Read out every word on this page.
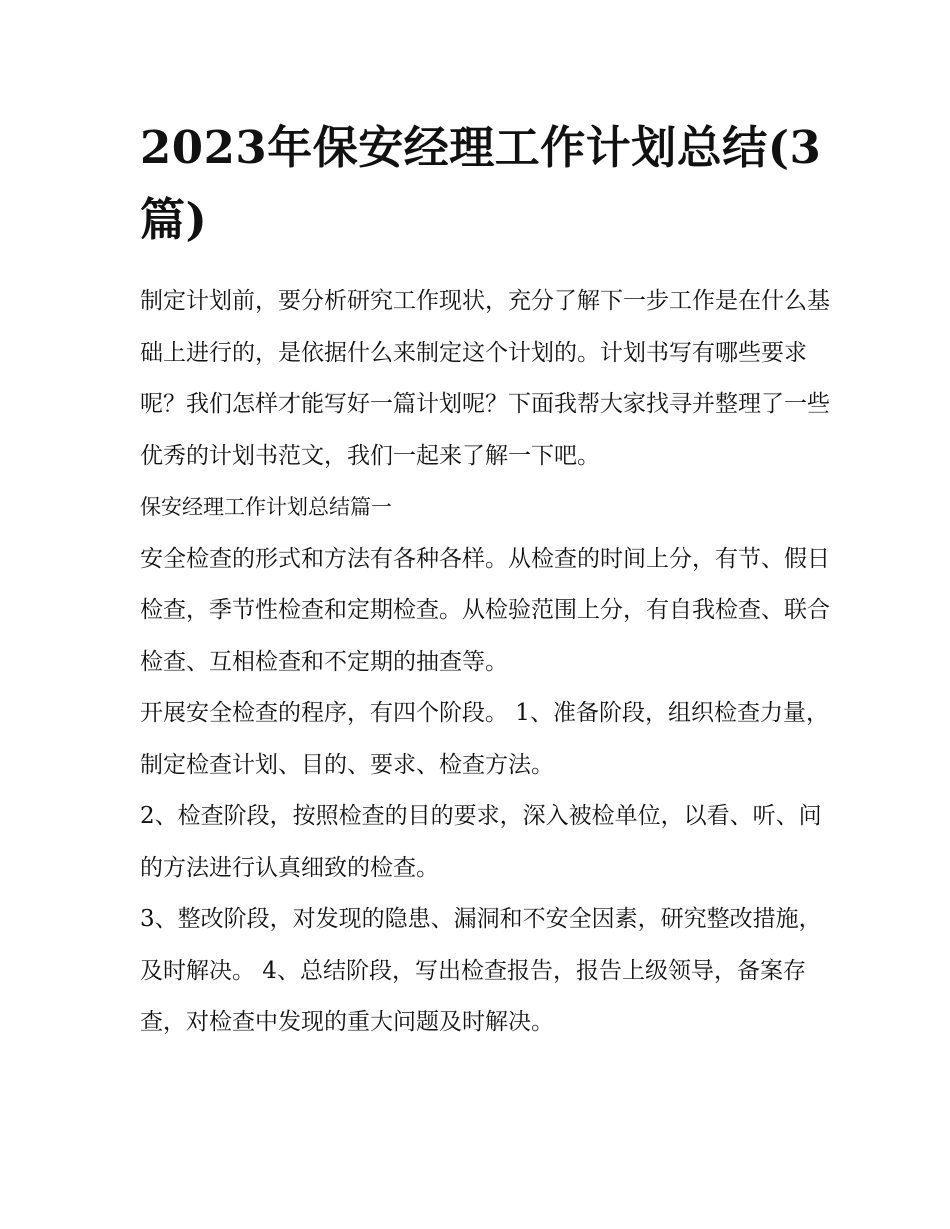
2023年保安经理工作计划总结(3篇)

制定计划前，要分析研究工作现状，充分了解下一步工作是在什么基础上进行的，是依据什么来制定这个计划的。计划书写有哪些要求呢？我们怎样才能写好一篇计划呢？下面我帮大家找寻并整理了一些优秀的计划书范文，我们一起来了解一下吧。

保安经理工作计划总结篇一

安全检查的形式和方法有各种各样。从检查的时间上分，有节、假日检查，季节性检查和定期检查。从检验范围上分，有自我检查、联合检查、互相检查和不定期的抽查等。

开展安全检查的程序，有四个阶段。 1、准备阶段，组织检查力量，制定检查计划、目的、要求、检查方法。

2、检查阶段，按照检查的目的要求，深入被检单位，以看、听、问的方法进行认真细致的检查。

3、整改阶段，对发现的隐患、漏洞和不安全因素，研究整改措施，及时解决。 4、总结阶段，写出检查报告，报告上级领导，备案存查，对检查中发现的重大问题及时解决。
